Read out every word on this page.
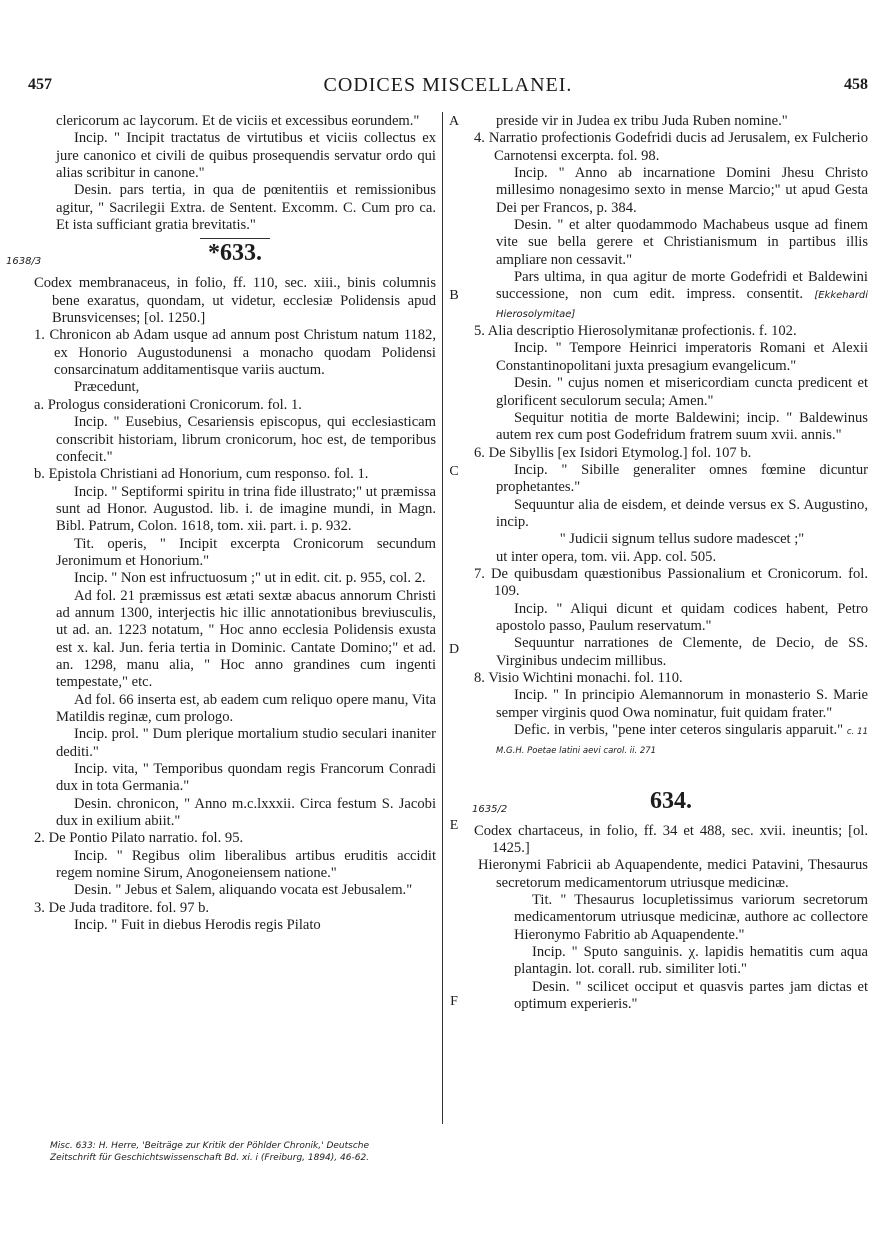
457	CODICES MISCELLANEI.	458
A
B
C
D
E
F

clericorum ac laycorum. Et de viciis et excessibus eorundem."

Incip. " Incipit tractatus de virtutibus et viciis collectus ex jure canonico et civili de quibus prosequendis servatur ordo qui alias scribitur in canone."

Desin. pars tertia, in qua de pœnitentiis et remissionibus agitur, " Sacrilegii Extra. de Sentent. Excomm. C. Cum pro ca. Et ista sufficiant gratia brevitatis."

1638/3	*633.

Codex membranaceus, in folio, ff. 110, sec. xiii., binis columnis bene exaratus, quondam, ut videtur, ecclesiæ Polidensis apud Brunsvicenses; [ol. 1250.]

1. Chronicon ab Adam usque ad annum post Christum natum 1182, ex Honorio Augustodunensi a monacho quodam Polidensi consarcinatum additamentisque variis auctum.

Præcedunt,

a. Prologus considerationi Cronicorum. fol. 1.

Incip. " Eusebius, Cesariensis episcopus, qui ecclesiasticam conscribit historiam, librum cronicorum, hoc est, de temporibus confecit."

b. Epistola Christiani ad Honorium, cum responso. fol. 1.

Incip. " Septiformi spiritu in trina fide illustrato;" ut præmissa sunt ad Honor. Augustod. lib. i. de imagine mundi, in Magn. Bibl. Patrum, Colon. 1618, tom. xii. part. i. p. 932.

Tit. operis, " Incipit excerpta Cronicorum secundum Jeronimum et Honorium."

Incip. " Non est infructuosum ;" ut in edit. cit. p. 955, col. 2.

Ad fol. 21 præmissus est ætati sextæ abacus annorum Christi ad annum 1300, interjectis hic illic annotationibus breviusculis, ut ad. an. 1223 notatum, " Hoc anno ecclesia Polidensis exusta est x. kal. Jun. feria tertia in Dominic. Cantate Domino;" et ad. an. 1298, manu alia, " Hoc anno grandines cum ingenti tempestate," etc.

Ad fol. 66 inserta est, ab eadem cum reliquo opere manu, Vita Matildis reginæ, cum prologo.

Incip. prol. " Dum plerique mortalium studio seculari inaniter dediti."

Incip. vita, " Temporibus quondam regis Francorum Conradi dux in tota Germania."

Desin. chronicon, " Anno m.c.lxxxii. Circa festum S. Jacobi dux in exilium abiit."

2. De Pontio Pilato narratio. fol. 95.

Incip. " Regibus olim liberalibus artibus eruditis accidit regem nomine Sirum, Anogoneiensem natione."

Desin. " Jebus et Salem, aliquando vocata est Jebusalem."

3. De Juda traditore. fol. 97 b.

Incip. " Fuit in diebus Herodis regis Pilato

preside vir in Judea ex tribu Juda Ruben nomine."

4. Narratio profectionis Godefridi ducis ad Jerusalem, ex Fulcherio Carnotensi excerpta. fol. 98.

Incip. " Anno ab incarnatione Domini Jhesu Christo millesimo nonagesimo sexto in mense Marcio;" ut apud Gesta Dei per Francos, p. 384.

Desin. " et alter quodammodo Machabeus usque ad finem vite sue bella gerere et Christianismum in partibus illis ampliare non cessavit."

Pars ultima, in qua agitur de morte Godefridi et Baldewini successione, non cum edit. impress. consentit. [Ekkehardi Hierosolymitae]

5. Alia descriptio Hierosolymitanæ profectionis. f. 102.

Incip. " Tempore Heinrici imperatoris Romani et Alexii Constantinopolitani juxta presagium evangelicum."

Desin. " cujus nomen et misericordiam cuncta predicent et glorificent seculorum secula; Amen."

Sequitur notitia de morte Baldewini; incip. " Baldewinus autem rex cum post Godefridum fratrem suum xvii. annis."

6. De Sibyllis [ex Isidori Etymolog.] fol. 107 b.

Incip. " Sibille generaliter omnes fœmine dicuntur prophetantes."

Sequuntur alia de eisdem, et deinde versus ex S. Augustino, incip.

" Judicii signum tellus sudore madescet ;"

ut inter opera, tom. vii. App. col. 505.

7. De quibusdam quæstionibus Passionalium et Cronicorum. fol. 109.

Incip. " Aliqui dicunt et quidam codices habent, Petro apostolo passo, Paulum reservatum."

Sequuntur narrationes de Clemente, de Decio, de SS. Virginibus undecim millibus.

8. Visio Wichtini monachi. fol. 110.

Incip. " In principio Alemannorum in monasterio S. Marie semper virginis quod Owa nominatur, fuit quidam frater."

Defic. in verbis, "pene inter ceteros singularis apparuit." c. 11 M.G.H. Poetae latini aevi carol. ii. 271

1635/2	634.

Codex chartaceus, in folio, ff. 34 et 488, sec. xvii. ineuntis; [ol. 1425.]

Hieronymi Fabricii ab Aquapendente, medici Patavini, Thesaurus secretorum medicamentorum utriusque medicinæ.

Tit. " Thesaurus locupletissimus variorum secretorum medicamentorum utriusque medicinæ, authore ac collectore Hieronymo Fabritio ab Aquapendente."

Incip. " Sputo sanguinis. χ. lapidis hematitis cum aqua plantagin. lot. corall. rub. similiter loti."

Desin. " scilicet occiput et quasvis partes jam dictas et optimum experieris."

Misc. 633: H. Herre, 'Beiträge zur Kritik der Pöhlder Chronik,' Deutsche Zeitschrift für Geschichtswissenschaft Bd. xi. i (Freiburg, 1894), 46-62.
